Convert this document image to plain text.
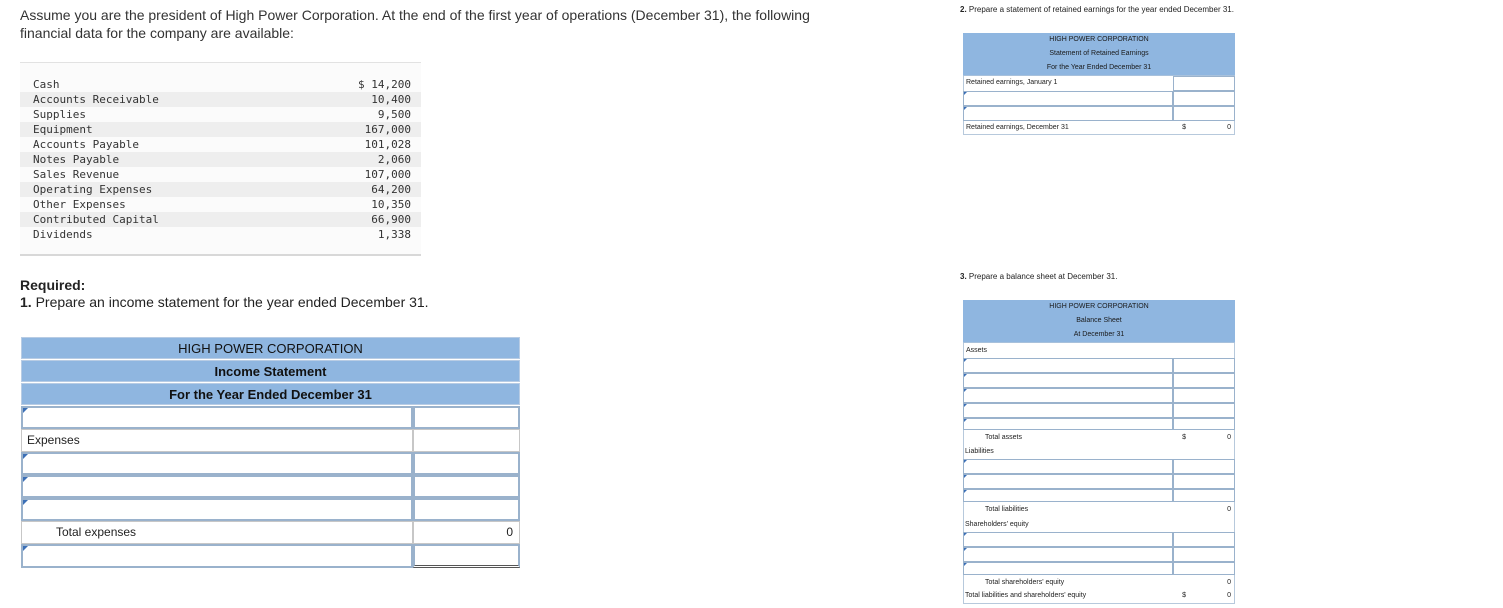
Assume you are the president of High Power Corporation. At the end of the first year of operations (December 31), the following
financial data for the company are available:
Cash	$ 14,200
Accounts Receivable	10,400
Supplies	9,500
Equipment	167,000
Accounts Payable	101,028
Notes Payable	2,060
Sales Revenue	107,000
Operating Expenses	64,200
Other Expenses	10,350
Contributed Capital	66,900
Dividends	1,338
Required:
1. Prepare an income statement for the year ended December 31.
HIGH POWER CORPORATION
Income Statement
For the Year Ended December 31
Expenses
Total expenses	0
2. Prepare a statement of retained earnings for the year ended December 31.
HIGH POWER CORPORATION
Statement of Retained Earnings
For the Year Ended December 31
Retained earnings, January 1
Retained earnings, December 31	$	0
3. Prepare a balance sheet at December 31.
HIGH POWER CORPORATION
Balance Sheet
At December 31
Assets
Total assets	$	0
Liabilities
Total liabilities	0
Shareholders' equity
Total shareholders' equity	0
Total liabilities and shareholders' equity	$	0
